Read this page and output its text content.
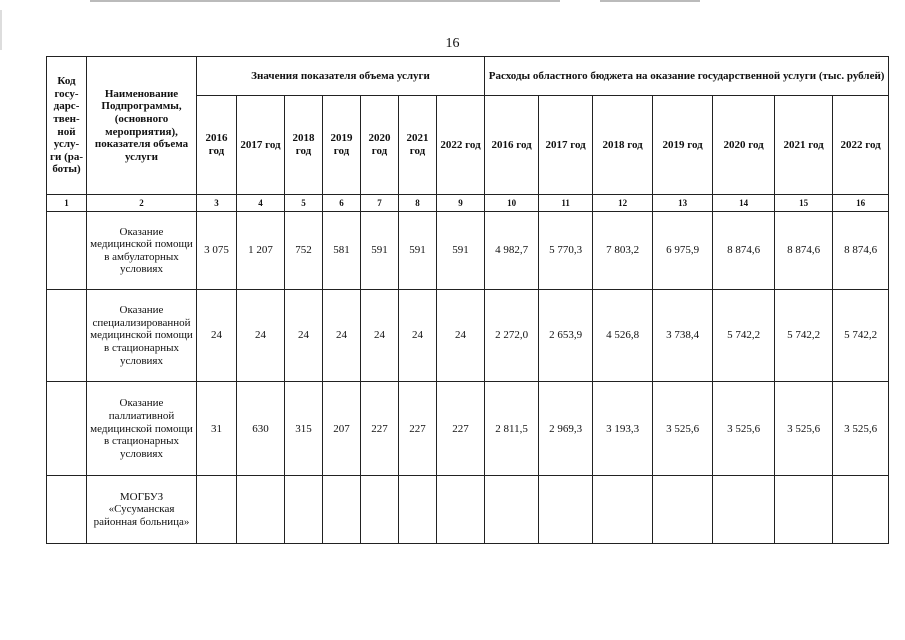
16
Код госу-дарс-твен-ной услу-ги (ра-боты)	Наименование Подпрограммы, (основного мероприятия), показателя объема услуги	Значения показателя объема услуги							Расходы областного бюджета на оказание государственной услуги (тыс. рублей)						
		2016 год	2017 год	2018 год	2019 год	2020 год	2021 год	2022 год	2016 год	2017 год	2018 год	2019 год	2020 год	2021 год	2022 год
1	2	3	4	5	6	7	8	9	10	11	12	13	14	15	16
	Оказание медицинской помощи в амбулаторных условиях	3 075	1 207	752	581	591	591	591	4 982,7	5 770,3	7 803,2	6 975,9	8 874,6	8 874,6	8 874,6
	Оказание специализированной медицинской помощи в стационарных условиях	24	24	24	24	24	24	24	2 272,0	2 653,9	4 526,8	3 738,4	5 742,2	5 742,2	5 742,2
	Оказание паллиативной медицинской помощи в стационарных условиях	31	630	315	207	227	227	227	2 811,5	2 969,3	3 193,3	3 525,6	3 525,6	3 525,6	3 525,6
	МОГБУЗ «Сусуманская районная больница»														
